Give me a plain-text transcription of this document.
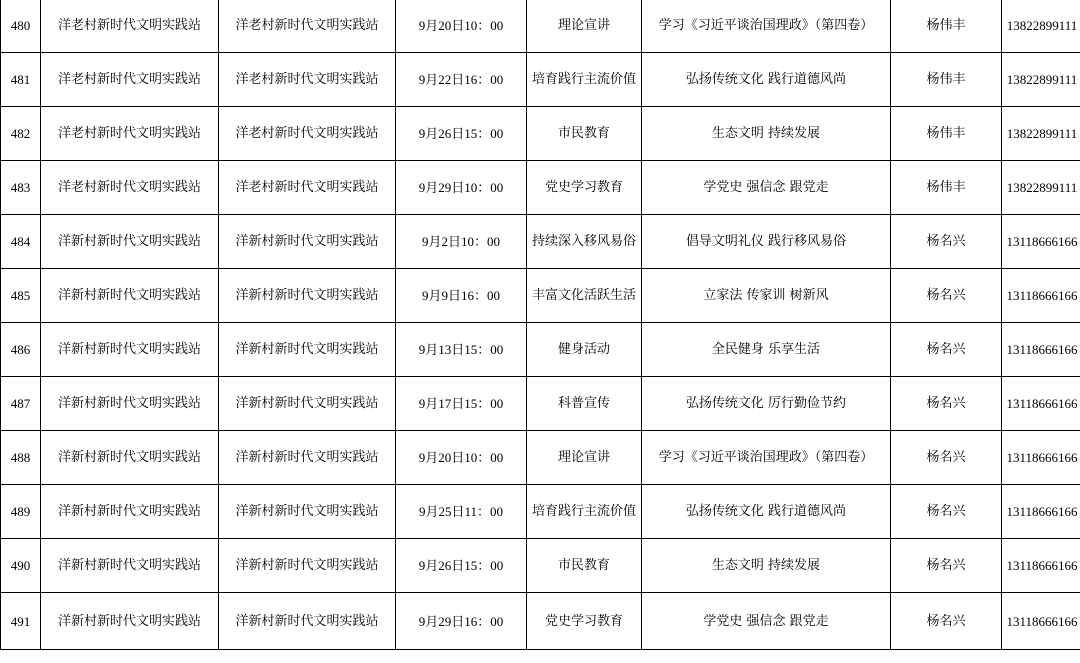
480	洋老村新时代文明实践站	洋老村新时代文明实践站	9月20日10：00	理论宣讲	学习《习近平谈治国理政》（第四卷）	杨伟丰	13822899111
481	洋老村新时代文明实践站	洋老村新时代文明实践站	9月22日16：00	培育践行主流价值	弘扬传统文化 践行道德风尚	杨伟丰	13822899111
482	洋老村新时代文明实践站	洋老村新时代文明实践站	9月26日15：00	市民教育	生态文明 持续发展	杨伟丰	13822899111
483	洋老村新时代文明实践站	洋老村新时代文明实践站	9月29日10：00	党史学习教育	学党史 强信念 跟党走	杨伟丰	13822899111
484	洋新村新时代文明实践站	洋新村新时代文明实践站	9月2日10：00	持续深入移风易俗	倡导文明礼仪 践行移风易俗	杨名兴	13118666166
485	洋新村新时代文明实践站	洋新村新时代文明实践站	9月9日16：00	丰富文化活跃生活	立家法 传家训 树新风	杨名兴	13118666166
486	洋新村新时代文明实践站	洋新村新时代文明实践站	9月13日15：00	健身活动	全民健身 乐享生活	杨名兴	13118666166
487	洋新村新时代文明实践站	洋新村新时代文明实践站	9月17日15：00	科普宣传	弘扬传统文化 厉行勤俭节约	杨名兴	13118666166
488	洋新村新时代文明实践站	洋新村新时代文明实践站	9月20日10：00	理论宣讲	学习《习近平谈治国理政》（第四卷）	杨名兴	13118666166
489	洋新村新时代文明实践站	洋新村新时代文明实践站	9月25日11：00	培育践行主流价值	弘扬传统文化 践行道德风尚	杨名兴	13118666166
490	洋新村新时代文明实践站	洋新村新时代文明实践站	9月26日15：00	市民教育	生态文明 持续发展	杨名兴	13118666166
491	洋新村新时代文明实践站	洋新村新时代文明实践站	9月29日16：00	党史学习教育	学党史 强信念 跟党走	杨名兴	13118666166
